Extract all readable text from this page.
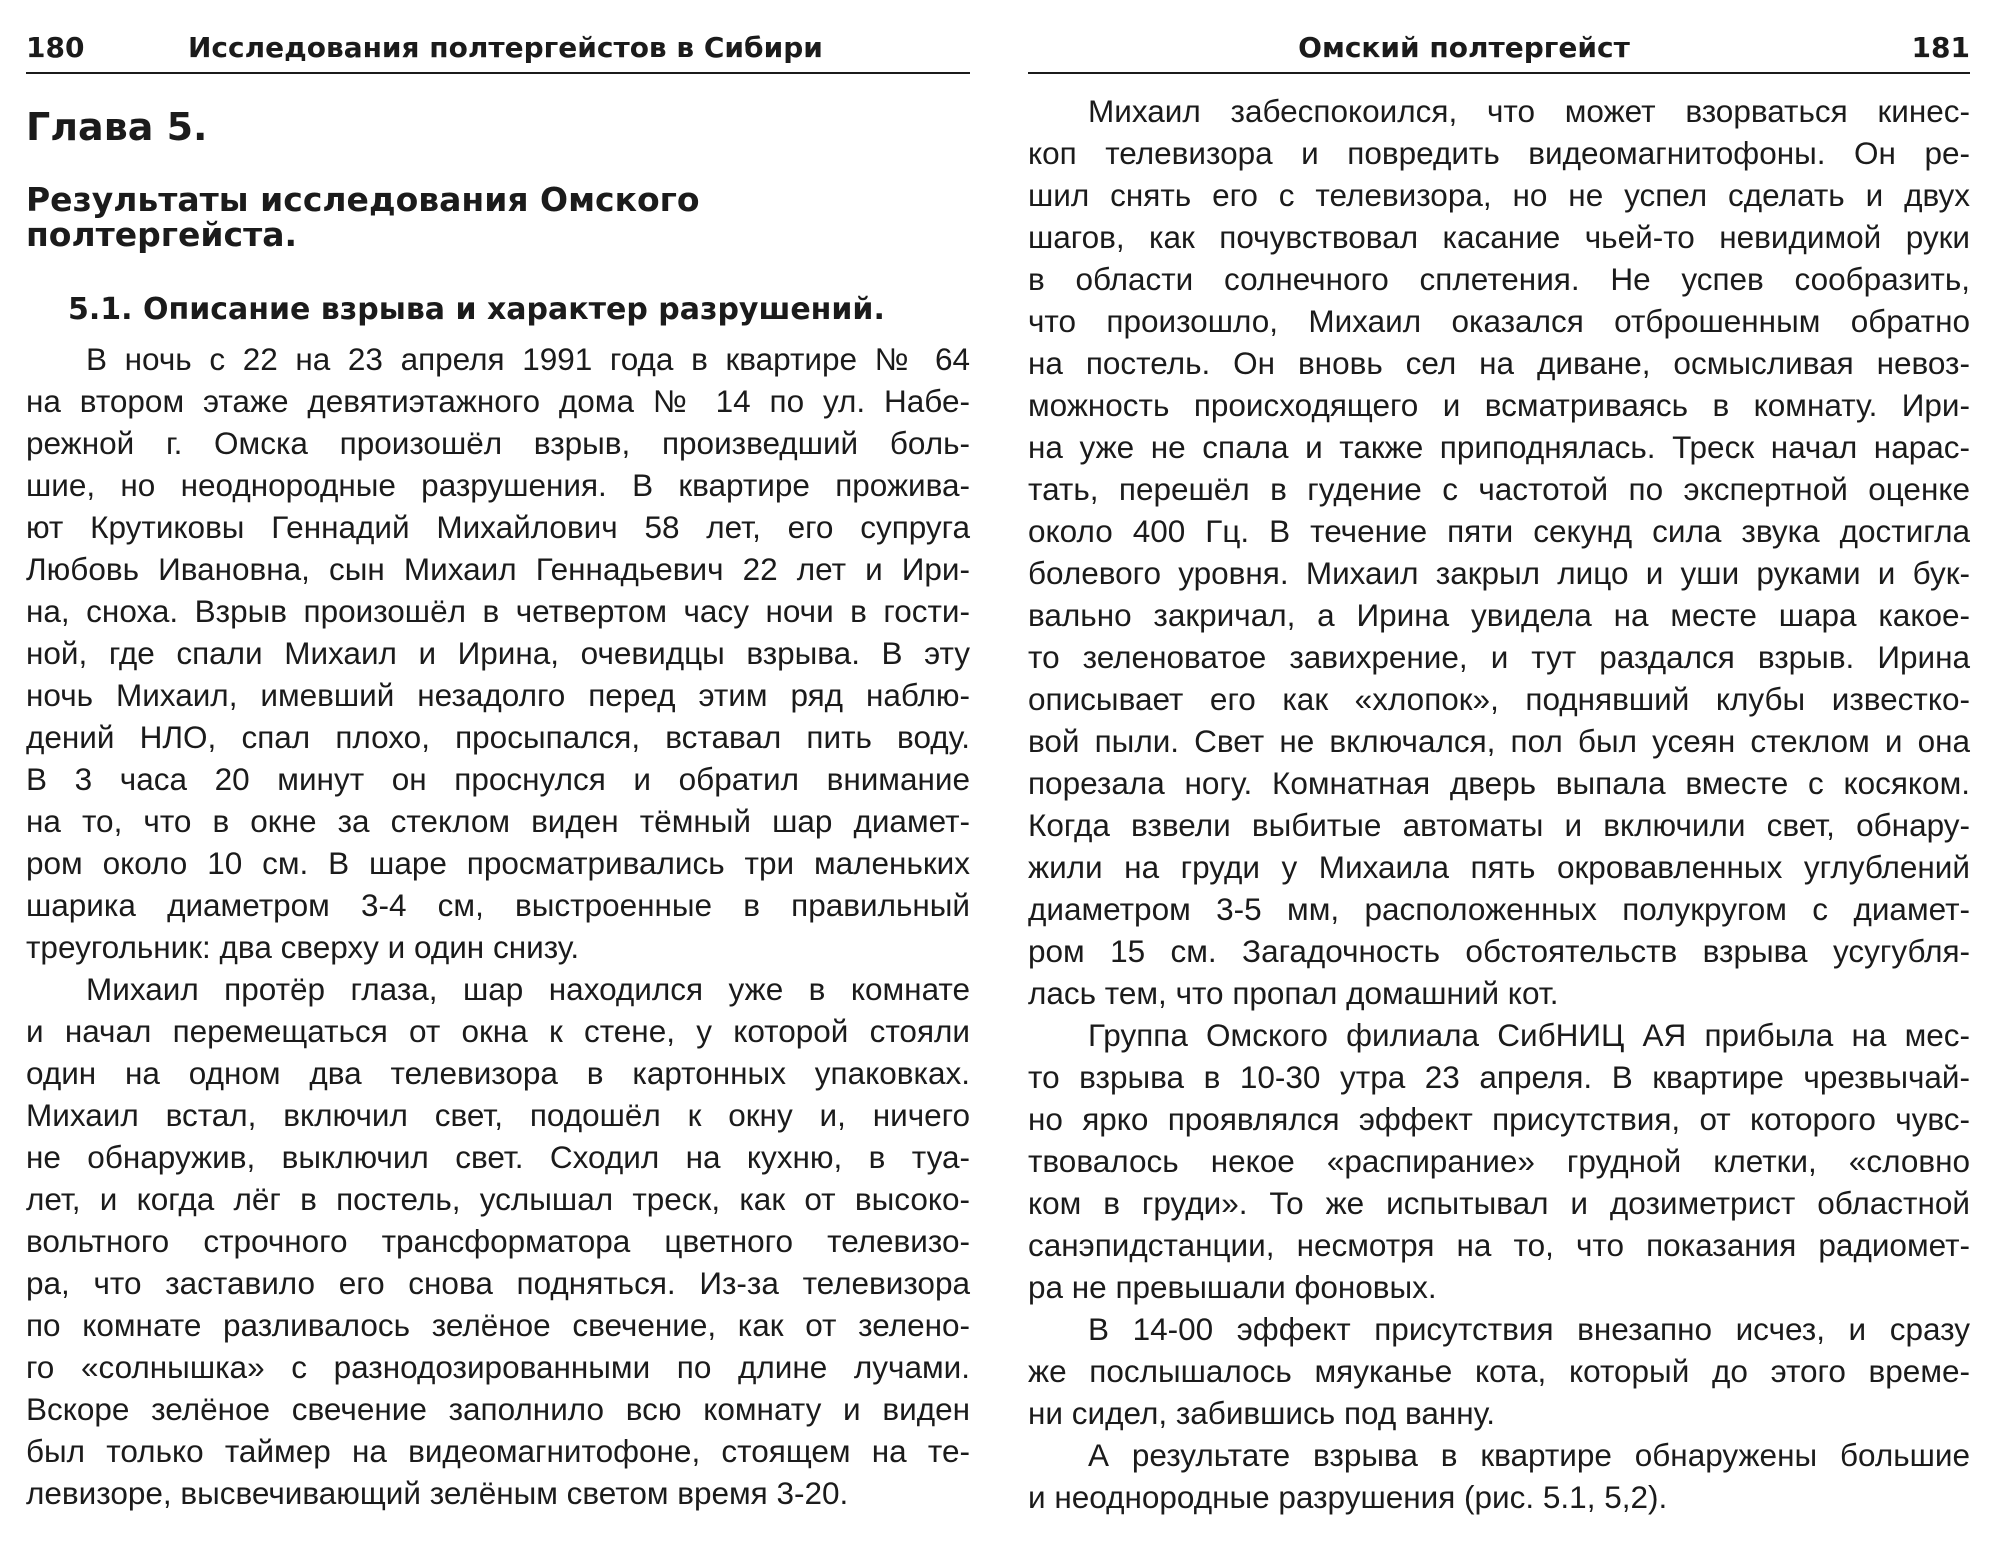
180	Исследования полтергейстов в Сибири
Глава 5.
Результаты исследования Омского
полтергейста.
5.1. Описание взрыва и характер разрушений.
В ночь с 22 на 23 апреля 1991 года в квартире № 64
на втором этаже девятиэтажного дома № 14 по ул. Набе-
режной г. Омска произошёл взрыв, произведший боль-
шие, но неоднородные разрушения. В квартире прожива-
ют Крутиковы Геннадий Михайлович 58 лет, его супруга
Любовь Ивановна, сын Михаил Геннадьевич 22 лет и Ири-
на, сноха. Взрыв произошёл в четвертом часу ночи в гости-
ной, где спали Михаил и Ирина, очевидцы взрыва. В эту
ночь Михаил, имевший незадолго перед этим ряд наблю-
дений НЛО, спал плохо, просыпался, вставал пить воду.
В 3 часа 20 минут он проснулся и обратил внимание
на то, что в окне за стеклом виден тёмный шар диамет-
ром около 10 см. В шаре просматривались три маленьких
шарика диаметром 3-4 см, выстроенные в правильный
треугольник: два сверху и один снизу.
Михаил протёр глаза, шар находился уже в комнате
и начал перемещаться от окна к стене, у которой стояли
один на одном два телевизора в картонных упаковках.
Михаил встал, включил свет, подошёл к окну и, ничего
не обнаружив, выключил свет. Сходил на кухню, в туа-
лет, и когда лёг в постель, услышал треск, как от высоко-
вольтного строчного трансформатора цветного телевизо-
ра, что заставило его снова подняться. Из-за телевизора
по комнате разливалось зелёное свечение, как от зелено-
го «солнышка» с разнодозированными по длине лучами.
Вскоре зелёное свечение заполнило всю комнату и виден
был только таймер на видеомагнитофоне, стоящем на те-
левизоре, высвечивающий зелёным светом время 3-20.
Омский полтергейст	181
Михаил забеспокоился, что может взорваться кинес-
коп телевизора и повредить видеомагнитофоны. Он ре-
шил снять его с телевизора, но не успел сделать и двух
шагов, как почувствовал касание чьей-то невидимой руки
в области солнечного сплетения. Не успев сообразить,
что произошло, Михаил оказался отброшенным обратно
на постель. Он вновь сел на диване, осмысливая невоз-
можность происходящего и всматриваясь в комнату. Ири-
на уже не спала и также приподнялась. Треск начал нарас-
тать, перешёл в гудение с частотой по экспертной оценке
около 400 Гц. В течение пяти секунд сила звука достигла
болевого уровня. Михаил закрыл лицо и уши руками и бук-
вально закричал, а Ирина увидела на месте шара какое-
то зеленоватое завихрение, и тут раздался взрыв. Ирина
описывает его как «хлопок», поднявший клубы известко-
вой пыли. Свет не включался, пол был усеян стеклом и она
порезала ногу. Комнатная дверь выпала вместе с косяком.
Когда взвели выбитые автоматы и включили свет, обнару-
жили на груди у Михаила пять окровавленных углублений
диаметром 3-5 мм, расположенных полукругом с диамет-
ром 15 см. Загадочность обстоятельств взрыва усугубля-
лась тем, что пропал домашний кот.
Группа Омского филиала СибНИЦ АЯ прибыла на мес-
то взрыва в 10-30 утра 23 апреля. В квартире чрезвычай-
но ярко проявлялся эффект присутствия, от которого чувс-
твовалось некое «распирание» грудной клетки, «словно
ком в груди». То же испытывал и дозиметрист областной
санэпидстанции, несмотря на то, что показания радиомет-
ра не превышали фоновых.
В 14-00 эффект присутствия внезапно исчез, и сразу
же послышалось мяуканье кота, который до этого време-
ни сидел, забившись под ванну.
А результате взрыва в квартире обнаружены большие
и неоднородные разрушения (рис. 5.1, 5,2).
